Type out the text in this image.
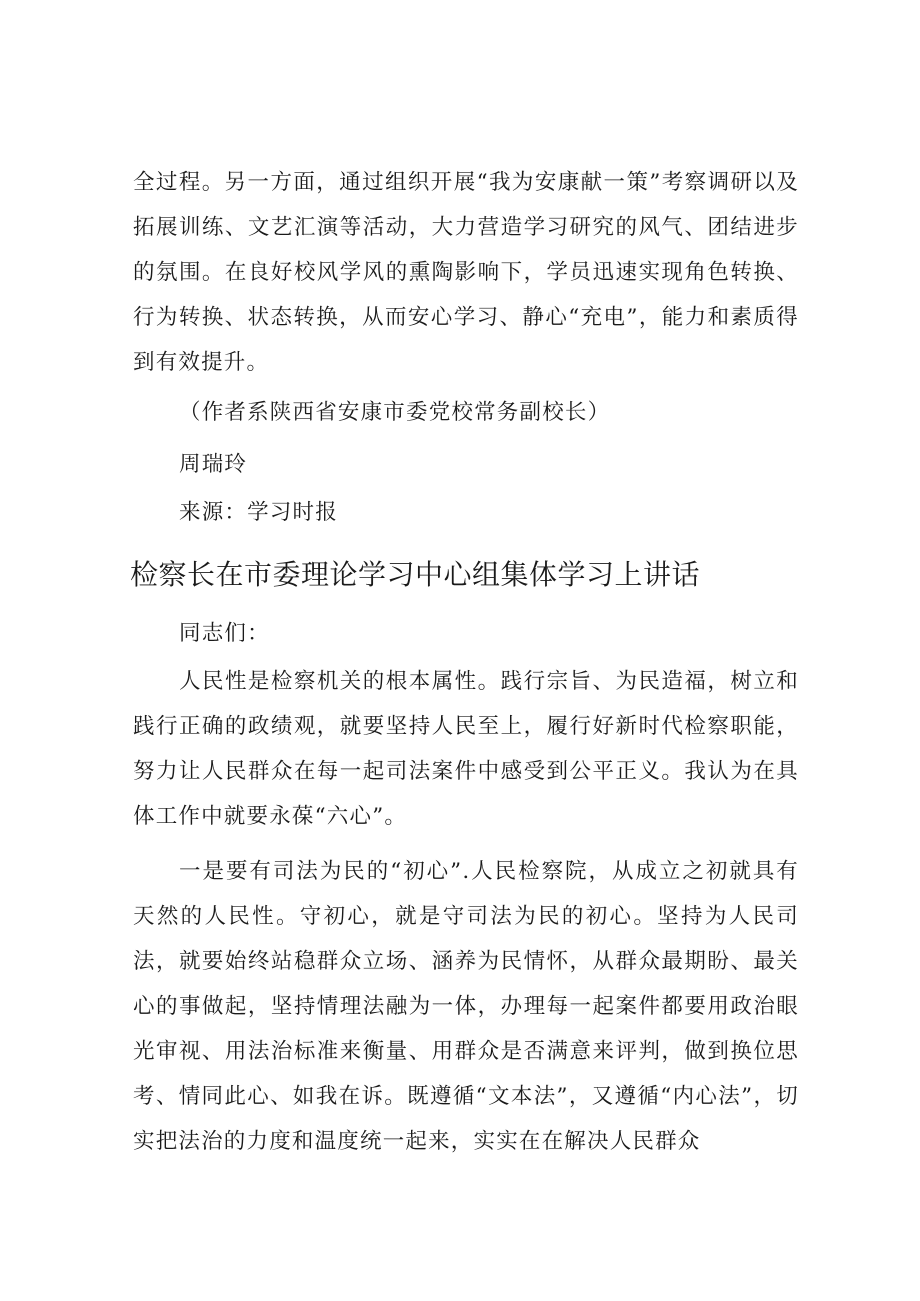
全过程。另一方面，通过组织开展“我为安康献一策”考察调研以及拓展训练、文艺汇演等活动，大力营造学习研究的风气、团结进步的氛围。在良好校风学风的熏陶影响下，学员迅速实现角色转换、行为转换、状态转换，从而安心学习、静心“充电”，能力和素质得到有效提升。

（作者系陕西省安康市委党校常务副校长）

周瑞玲

来源：学习时报

检察长在市委理论学习中心组集体学习上讲话

同志们：

人民性是检察机关的根本属性。践行宗旨、为民造福，树立和践行正确的政绩观，就要坚持人民至上，履行好新时代检察职能，努力让人民群众在每一起司法案件中感受到公平正义。我认为在具体工作中就要永葆“六心”。

一是要有司法为民的“初心”.人民检察院，从成立之初就具有天然的人民性。守初心，就是守司法为民的初心。坚持为人民司法，就要始终站稳群众立场、涵养为民情怀，从群众最期盼、最关心的事做起，坚持情理法融为一体，办理每一起案件都要用政治眼光审视、用法治标准来衡量、用群众是否满意来评判，做到换位思考、情同此心、如我在诉。既遵循“文本法”，又遵循“内心法”，切实把法治的力度和温度统一起来，实实在在解决人民群众
